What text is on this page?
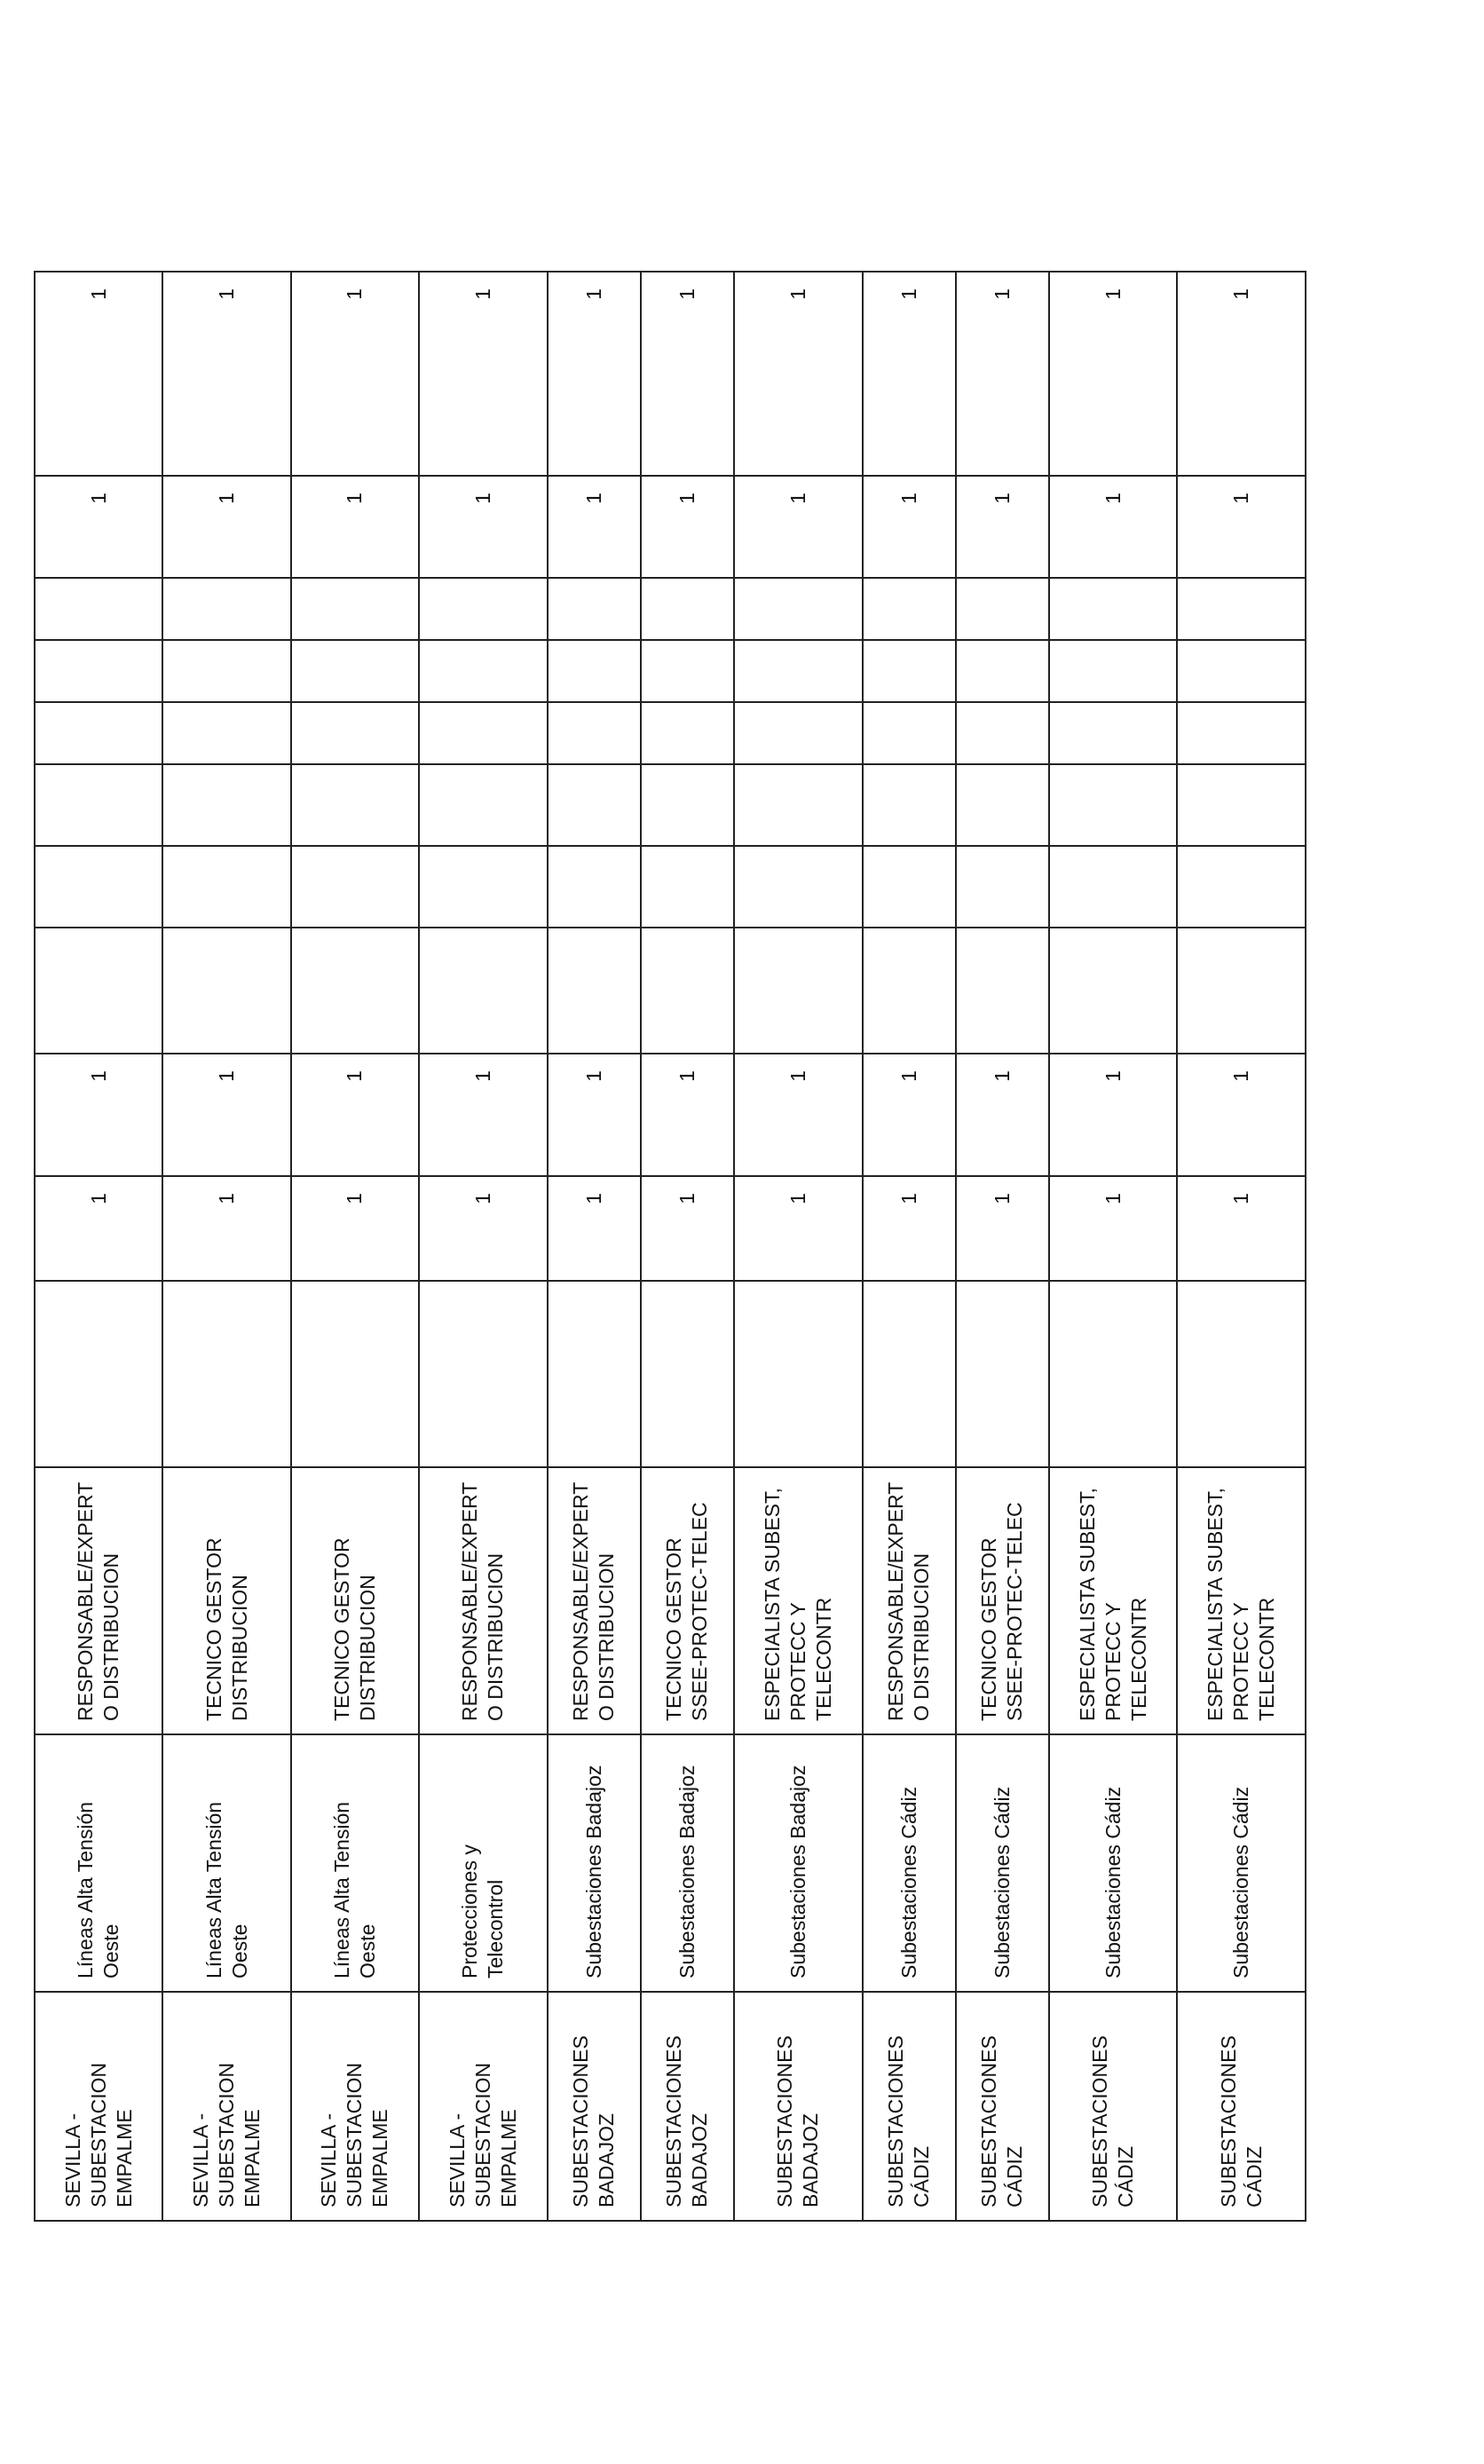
SEVILLA - SUBESTACION EMPALME	Líneas Alta Tensión Oeste	RESPONSABLE/EXPERT O DISTRIBUCION		1	1							1	1		
SEVILLA - SUBESTACION EMPALME	Líneas Alta Tensión Oeste	TECNICO GESTOR DISTRIBUCION		1	1							1	1		
SEVILLA - SUBESTACION EMPALME	Líneas Alta Tensión Oeste	TECNICO GESTOR DISTRIBUCION		1	1							1	1		
SEVILLA - SUBESTACION EMPALME	Protecciones y Telecontrol	RESPONSABLE/EXPERT O DISTRIBUCION		1	1							1	1		
SUBESTACIONES BADAJOZ	Subestaciones Badajoz	RESPONSABLE/EXPERT O DISTRIBUCION		1	1							1	1		
SUBESTACIONES BADAJOZ	Subestaciones Badajoz	TECNICO GESTOR SSEE-PROTEC-TELEC		1	1							1	1		
SUBESTACIONES BADAJOZ	Subestaciones Badajoz	ESPECIALISTA SUBEST, PROTECC Y TELECONTR		1	1							1	1		
SUBESTACIONES CÁDIZ	Subestaciones Cádiz	RESPONSABLE/EXPERT O DISTRIBUCION		1	1							1	1		
SUBESTACIONES CÁDIZ	Subestaciones Cádiz	TECNICO GESTOR SSEE-PROTEC-TELEC		1	1							1	1		
SUBESTACIONES CÁDIZ	Subestaciones Cádiz	ESPECIALISTA SUBEST, PROTECC Y TELECONTR		1	1							1	1		
SUBESTACIONES CÁDIZ	Subestaciones Cádiz	ESPECIALISTA SUBEST, PROTECC Y TELECONTR		1	1							1	1		
